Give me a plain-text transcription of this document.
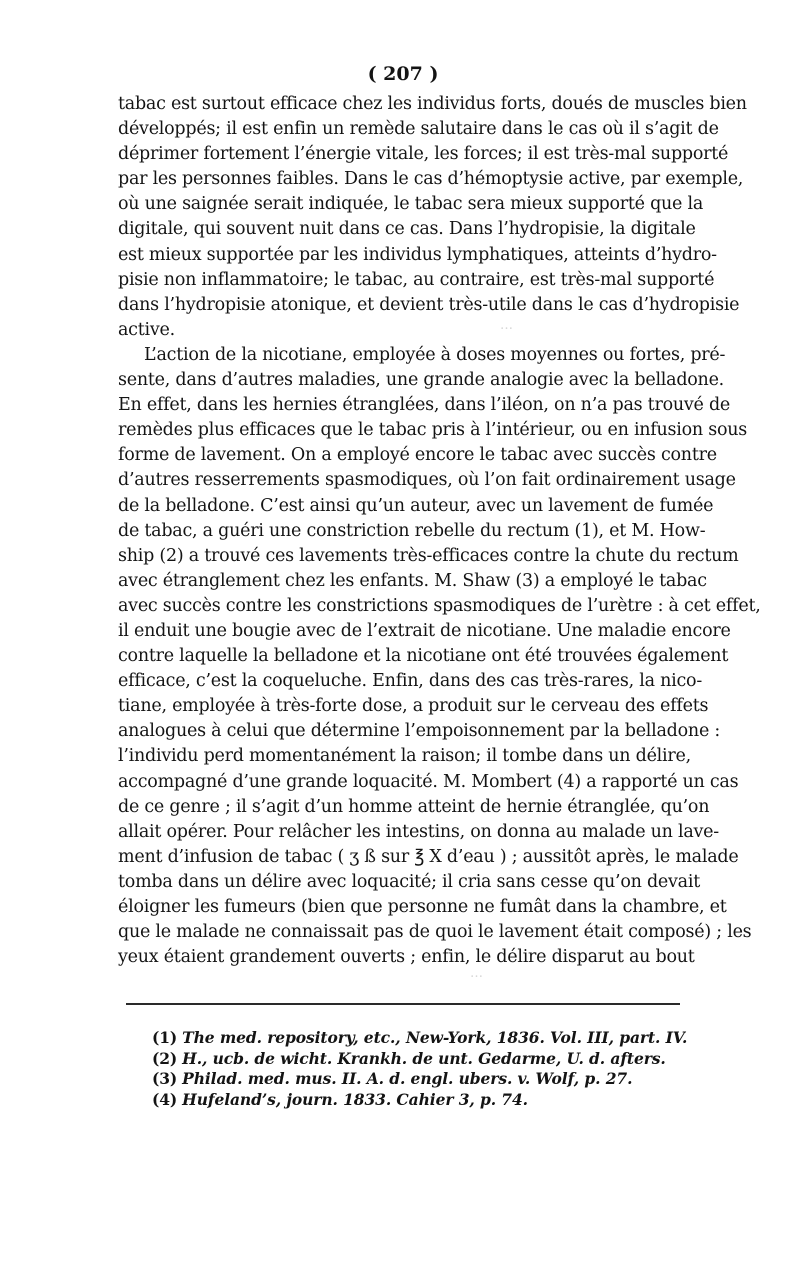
…
…
( 207 )
tabac est surtout efficace chez les individus forts, doués de muscles bien
développés; il est enfin un remède salutaire dans le cas où il s’agit de
déprimer fortement l’énergie vitale, les forces; il est très-mal supporté
par les personnes faibles. Dans le cas d’hémoptysie active, par exemple,
où une saignée serait indiquée, le tabac sera mieux supporté que la
digitale, qui souvent nuit dans ce cas. Dans l’hydropisie, la digitale
est mieux supportée par les individus lymphatiques, atteints d’hydro-
pisie non inflammatoire; le tabac, au contraire, est très-mal supporté
dans l’hydropisie atonique, et devient très-utile dans le cas d’hydropisie
active.
L’action de la nicotiane, employée à doses moyennes ou fortes, pré-
sente, dans d’autres maladies, une grande analogie avec la belladone.
En effet, dans les hernies étranglées, dans l’iléon, on n’a pas trouvé de
remèdes plus efficaces que le tabac pris à l’intérieur, ou en infusion sous
forme de lavement. On a employé encore le tabac avec succès contre
d’autres resserrements spasmodiques, où l’on fait ordinairement usage
de la belladone. C’est ainsi qu’un auteur, avec un lavement de fumée
de tabac, a guéri une constriction rebelle du rectum (1), et M. How-
ship (2) a trouvé ces lavements très-efficaces contre la chute du rectum
avec étranglement chez les enfants. M. Shaw (3) a employé le tabac
avec succès contre les constrictions spasmodiques de l’urètre : à cet effet,
il enduit une bougie avec de l’extrait de nicotiane. Une maladie encore
contre laquelle la belladone et la nicotiane ont été trouvées également
efficace, c’est la coqueluche. Enfin, dans des cas très-rares, la nico-
tiane, employée à très-forte dose, a produit sur le cerveau des effets
analogues à celui que détermine l’empoisonnement par la belladone :
l’individu perd momentanément la raison; il tombe dans un délire,
accompagné d’une grande loquacité. M. Mombert (4) a rapporté un cas
de ce genre ; il s’agit d’un homme atteint de hernie étranglée, qu’on
allait opérer. Pour relâcher les intestins, on donna au malade un lave-
ment d’infusion de tabac ( ʒ ß sur ℥ X d’eau ) ; aussitôt après, le malade
tomba dans un délire avec loquacité; il cria sans cesse qu’on devait
éloigner les fumeurs (bien que personne ne fumât dans la chambre, et
que le malade ne connaissait pas de quoi le lavement était composé) ; les
yeux étaient grandement ouverts ; enfin, le délire disparut au bout
(1) The med. repository, etc., New-York, 1836. Vol. III, part. IV.
(2) H., ucb. de wicht. Krankh. de unt. Gedarme, U. d. afters.
(3) Philad. med. mus. II. A. d. engl. ubers. v. Wolf, p. 27.
(4) Hufeland’s, journ. 1833. Cahier 3, p. 74.
